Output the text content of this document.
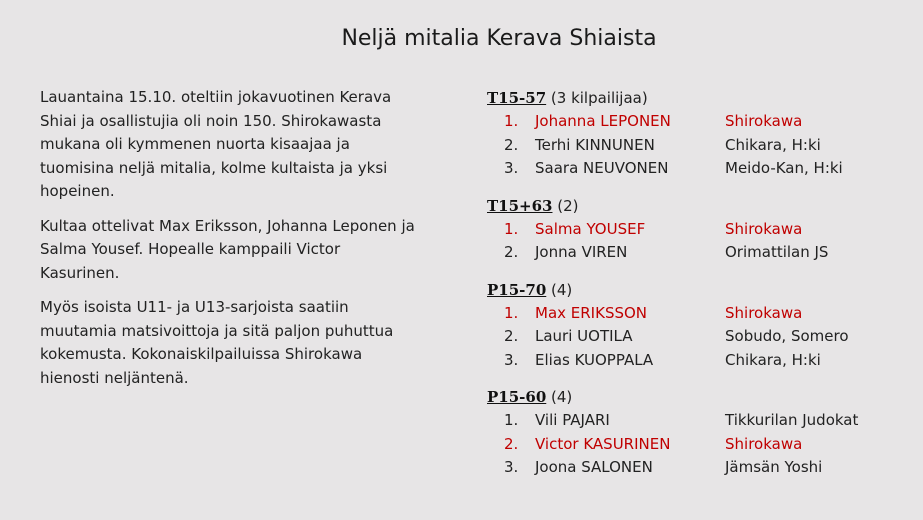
Neljä mitalia Kerava Shiaista

Lauantaina 15.10. oteltiin jokavuotinen Kerava Shiai ja osallistujia oli noin 150. Shirokawasta mukana oli kymmenen nuorta kisaajaa ja tuomisina neljä mitalia, kolme kultaista ja yksi hopeinen.

Kultaa ottelivat Max Eriksson, Johanna Leponen ja Salma Yousef. Hopealle kamppaili Victor Kasurinen.

Myös isoista U11- ja U13-sarjoista saatiin muutamia matsivoittoja ja sitä paljon puhuttua kokemusta. Kokonaiskilpailuissa Shirokawa hienosti neljäntenä.

T15-57 (3 kilpailijaa)
1.	Johanna LEPONEN	Shirokawa
2.	Terhi KINNUNEN	Chikara, H:ki
3.	Saara NEUVONEN	Meido-Kan, H:ki
T15+63 (2)
1.	Salma YOUSEF	Shirokawa
2.	Jonna VIREN	Orimattilan JS
P15-70 (4)
1.	Max ERIKSSON	Shirokawa
2.	Lauri UOTILA	Sobudo, Somero
3.	Elias KUOPPALA	Chikara, H:ki
P15-60 (4)
1.	Vili PAJARI	Tikkurilan Judokat
2.	Victor KASURINEN	Shirokawa
3.	Joona SALONEN	Jämsän Yoshi
